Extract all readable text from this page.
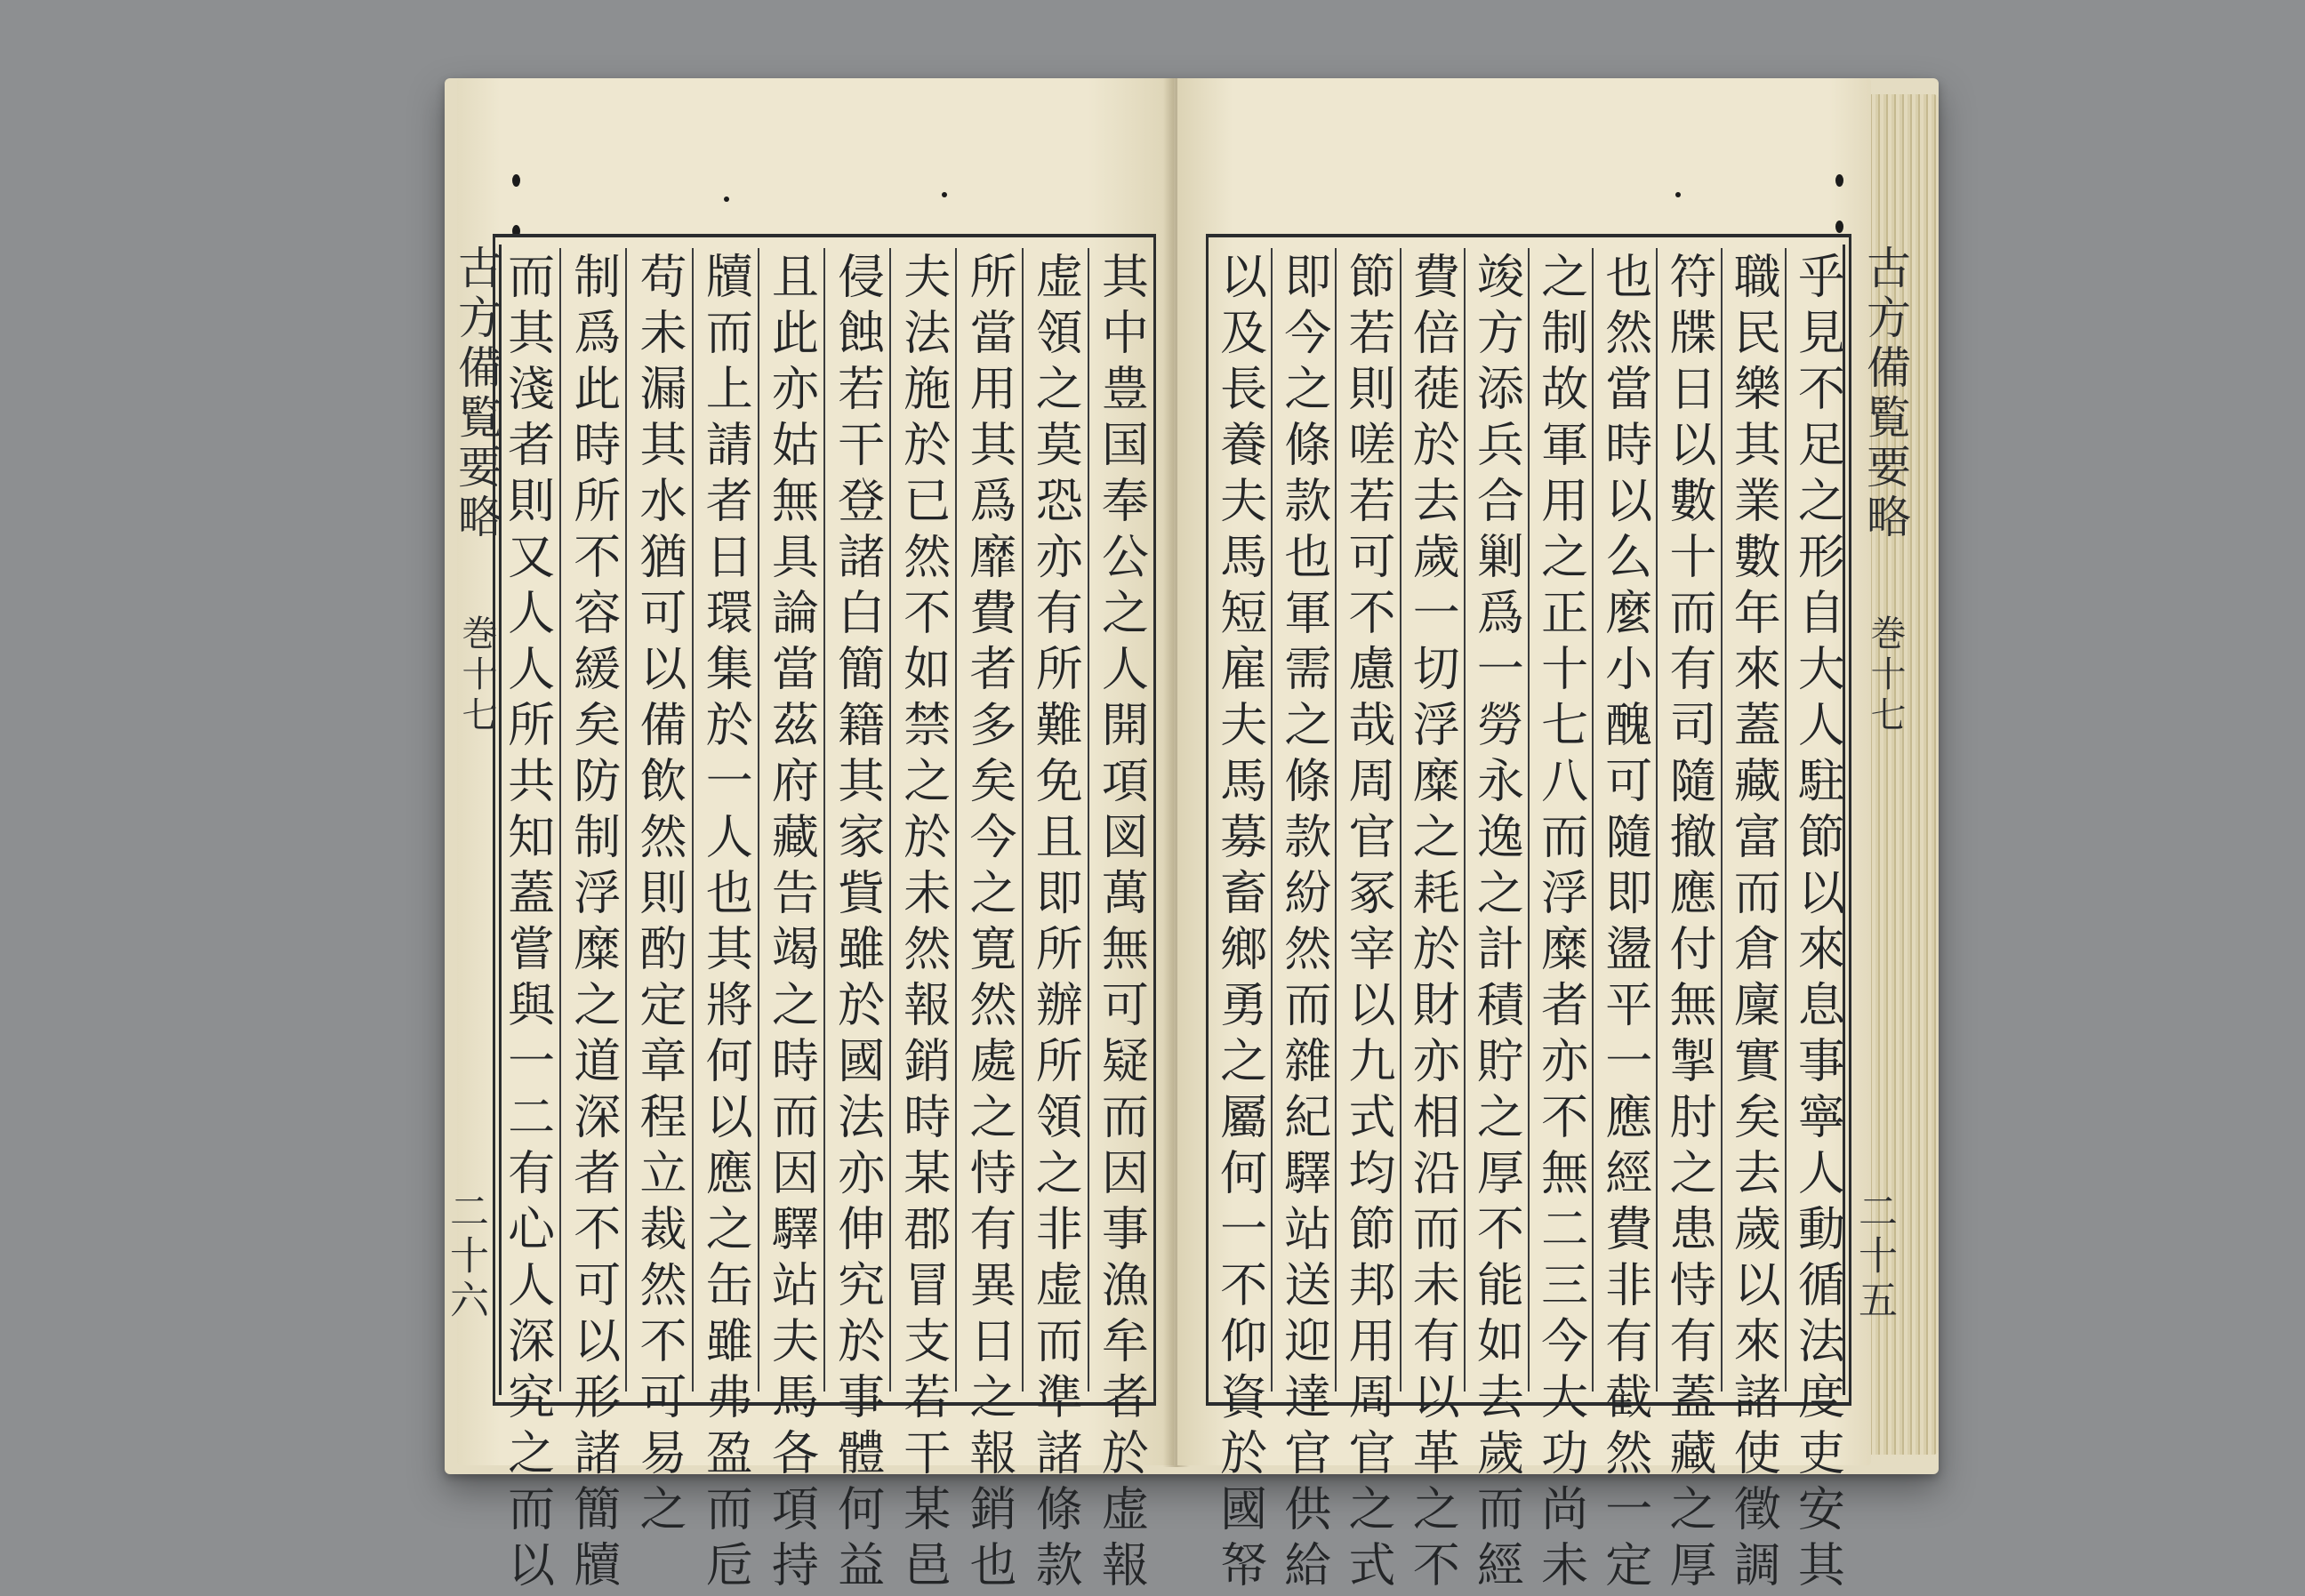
古方備覧要略 巻十七
二十六	其中豊国奉公之人開項図萬無可疑而因事漁牟者於虚報
虚領之莫恐亦有所難免且即所辦所領之非虚而準諸條款
所當用其爲靡費者多矣今之寛然處之恃有異日之報銷也
夫法施於已然不如禁之於未然報銷時某郡冒支若干某邑
侵蝕若干登諸白簡籍其家貲雖於國法亦伸究於事體何益
且此亦姑無具論當茲府藏告竭之時而因驛站夫馬各項持
牘而上請者日環集於一人也其將何以應之缶雖弗盈而卮
苟未漏其水猶可以備飲然則酌定章程立裁然不可易之
制爲此時所不容緩矣防制浮糜之道深者不可以形諸簡牘
而其淺者則又人人所共知蓋嘗與一二有心人深究之而以	乎見不足之形自大人駐節以來息事寧人動循法度吏安其
職民樂其業數年來蓋藏富而倉廩實矣去歲以來諸使徵調
符牒日以數十而有司隨撤應付無掣肘之患恃有蓋藏之厚
也然當時以么麼小醜可隨即盪平一應經費非有截然一定
之制故軍用之正十七八而浮糜者亦不無二三今大功尚未
竣方添兵合剿爲一勞永逸之計積貯之厚不能如去歲而經
費倍蓰於去歲一切浮糜之耗於財亦相沿而未有以革之不
節若則嗟若可不慮哉周官冢宰以九式均節邦用周官之式
即今之條款也軍需之條款紛然而雜紀驛站送迎達官供給
以及長養夫馬短雇夫馬募畜鄉勇之屬何一不仰資於國帑	古方備覧要略 巻十七
二十五
